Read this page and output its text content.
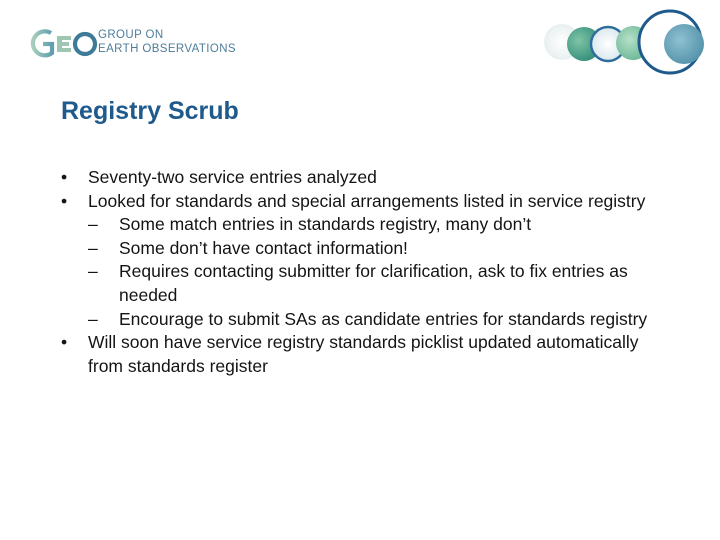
GROUP ON
EARTH OBSERVATIONS
Registry Scrub
• Seventy-two service entries analyzed
• Looked for standards and special arrangements listed in service registry
– Some match entries in standards registry, many don’t
– Some don’t have contact information!
– Requires contacting submitter for clarification, ask to fix entries as needed
– Encourage to submit SAs as candidate entries for standards registry
• Will soon have service registry standards picklist updated automatically from standards register
